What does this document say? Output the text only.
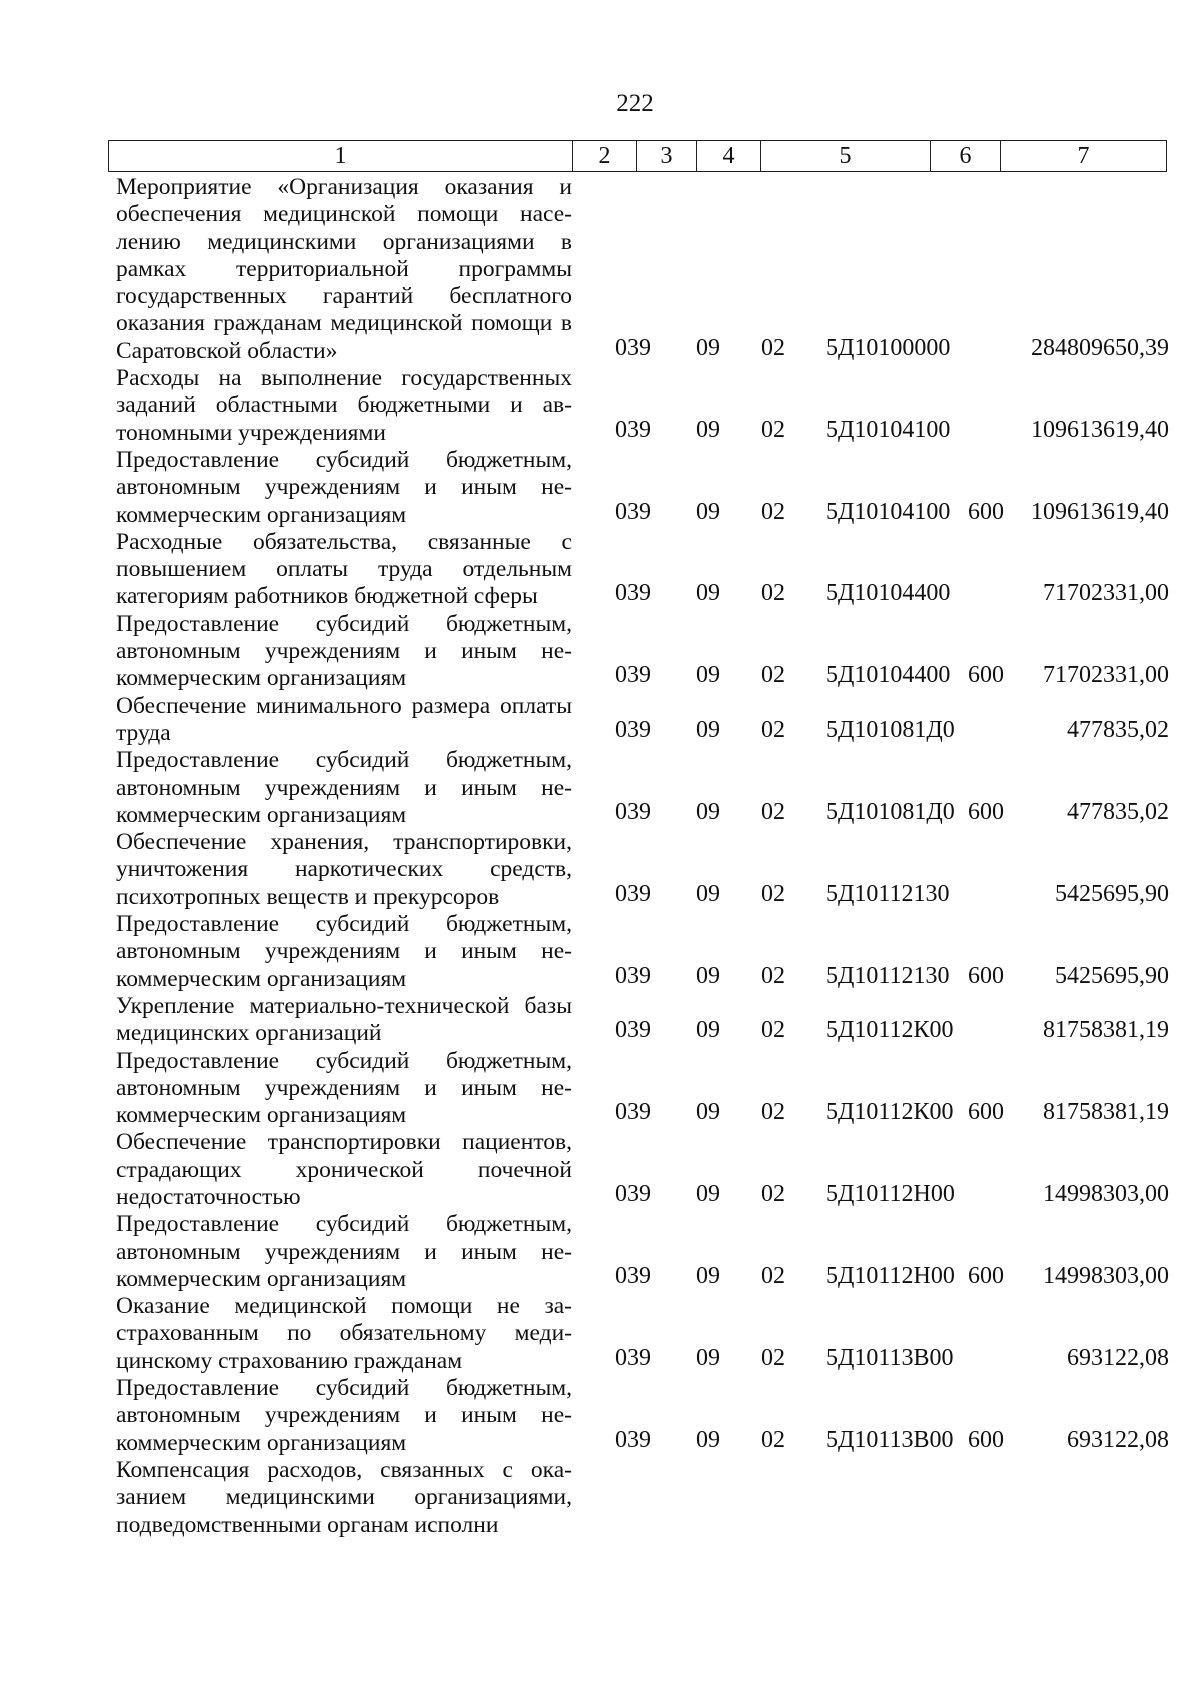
222
1	2	3	4	5	6	7
Мероприятие «Организация оказания и обеспечения медицинской помощи населению медицинскими организациями в рамках территориальной программы государственных гарантий бесплатного оказания гражданам медицинской помощи в Саратовской области»	039	09	02	5Д10100000	284809650,39
Расходы на выполнение государственных заданий областными бюджетными и автономными учреждениями	039	09	02	5Д10104100	109613619,40
Предоставление субсидий бюджетным, автономным учреждениям и иным некоммерческим организациям	039	09	02	5Д10104100 600	109613619,40
Расходные обязательства, связанные с повышением оплаты труда отдельным категориям работников бюджетной сферы	039	09	02	5Д10104400	71702331,00
Предоставление субсидий бюджетным, автономным учреждениям и иным некоммерческим организациям	039	09	02	5Д10104400 600	71702331,00
Обеспечение минимального размера оплаты труда	039	09	02	5Д101081Д0	477835,02
Предоставление субсидий бюджетным, автономным учреждениям и иным некоммерческим организациям	039	09	02	5Д101081Д0 600	477835,02
Обеспечение хранения, транспортировки, уничтожения наркотических средств, психотропных веществ и прекурсоров	039	09	02	5Д10112130	5425695,90
Предоставление субсидий бюджетным, автономным учреждениям и иным некоммерческим организациям	039	09	02	5Д10112130 600	5425695,90
Укрепление материально-технической базы медицинских организаций	039	09	02	5Д10112К00	81758381,19
Предоставление субсидий бюджетным, автономным учреждениям и иным некоммерческим организациям	039	09	02	5Д10112К00 600	81758381,19
Обеспечение транспортировки пациентов, страдающих хронической почечной недостаточностью	039	09	02	5Д10112Н00	14998303,00
Предоставление субсидий бюджетным, автономным учреждениям и иным некоммерческим организациям	039	09	02	5Д10112Н00 600	14998303,00
Оказание медицинской помощи не застрахованным по обязательному медицинскому страхованию гражданам	039	09	02	5Д10113В00	693122,08
Предоставление субсидий бюджетным, автономным учреждениям и иным некоммерческим организациям	039	09	02	5Д10113В00 600	693122,08
Компенсация расходов, связанных с оказанием медицинскими организациями, подведомственными органам исполни
